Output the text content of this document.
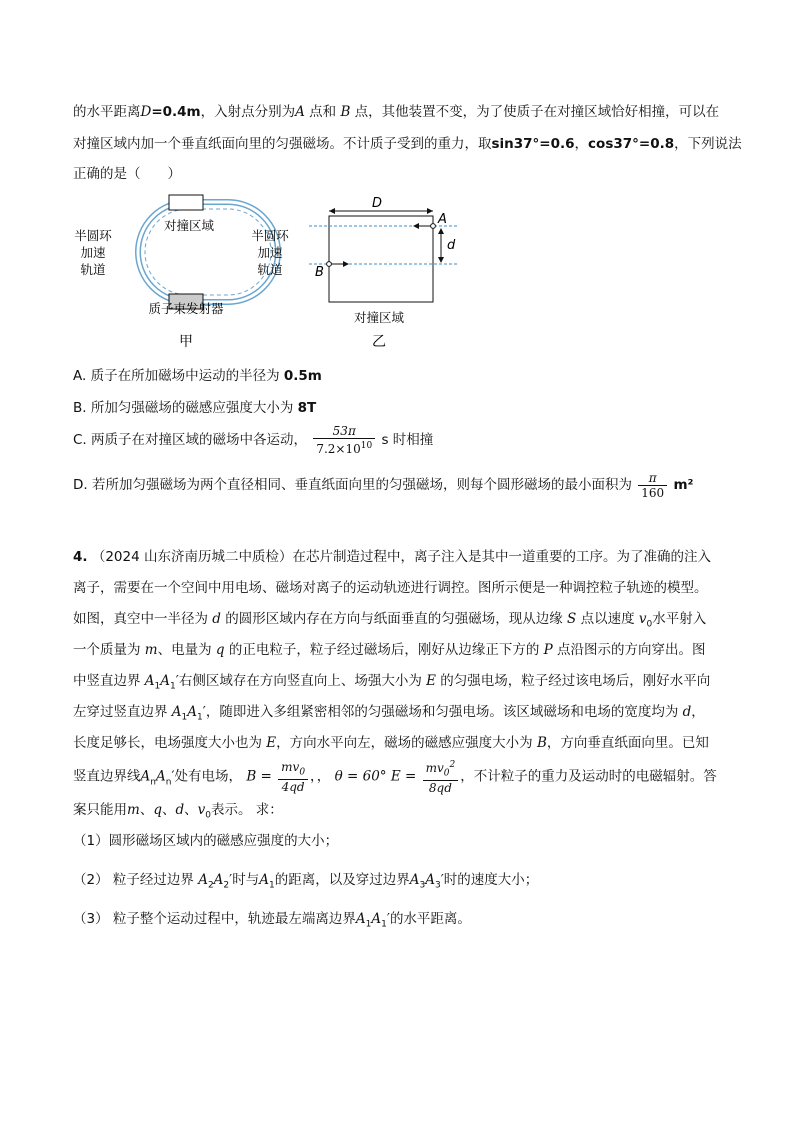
的水平距离D=0.4m，入射点分别为A 点和 B 点，其他装置不变，为了使质子在对撞区域恰好相撞，可以在
对撞区域内加一个垂直纸面向里的匀强磁场。不计质子受到的重力，取sin37°=0.6，cos37°=0.8，下列说法
正确的是（　　）
对撞区域
半圆环
加速
轨道
半圆环
加速
轨道
质子束发射器
甲
D
A
B
d
对撞区域
乙
A. 质子在所加磁场中运动的半径为 0.5m
B. 所加匀强磁场的磁感应强度大小为 8T
C. 两质子在对撞区域的磁场中各运动， $\frac{53\pi}{7.2\times 10^{10}}$ s 时相撞
D. 若所加匀强磁场为两个直径相同、垂直纸面向里的匀强磁场，则每个圆形磁场的最小面积为 $\frac{\pi}{160} m^2$
4. （2024 山东济南历城二中质检）在芯片制造过程中，离子注入是其中一道重要的工序。为了准确的注入
离子，需要在一个空间中用电场、磁场对离子的运动轨迹进行调控。图所示便是一种调控粒子轨迹的模型。
如图，真空中一半径为 d 的圆形区域内存在方向与纸面垂直的匀强磁场，现从边缘 S 点以速度 $v_0$水平射入
一个质量为 m、电量为 q 的正电粒子，粒子经过磁场后，刚好从边缘正下方的 P 点沿图示的方向穿出。图
中竖直边界 $A_1A_1'$右侧区域存在方向竖直向上、场强大小为 E 的匀强电场，粒子经过该电场后，刚好水平向
左穿过竖直边界 $A_1A_1'$，随即进入多组紧密相邻的匀强磁场和匀强电场。该区域磁场和电场的宽度均为 d，
长度足够长，电场强度大小也为 E，方向水平向左，磁场的磁感应强度大小为 B，方向垂直纸面向里。已知
竖直边界线$A_nA_n'$处有电场， $B = \frac{mv_0}{4qd}$ ，， θ = 60° $E = \frac{mv_0^2}{8qd}$ ，不计粒子的重力及运动时的电磁辐射。答
案只能用m、q、d、$v_0$表示。 求：
（1）圆形磁场区域内的磁感应强度的大小；
（2） 粒子经过边界 $A_2A_2'$时与$A_1$的距离，以及穿过边界$A_3A_3'$时的速度大小；
（3） 粒子整个运动过程中，轨迹最左端离边界$A_1A_1'$的水平距离。
